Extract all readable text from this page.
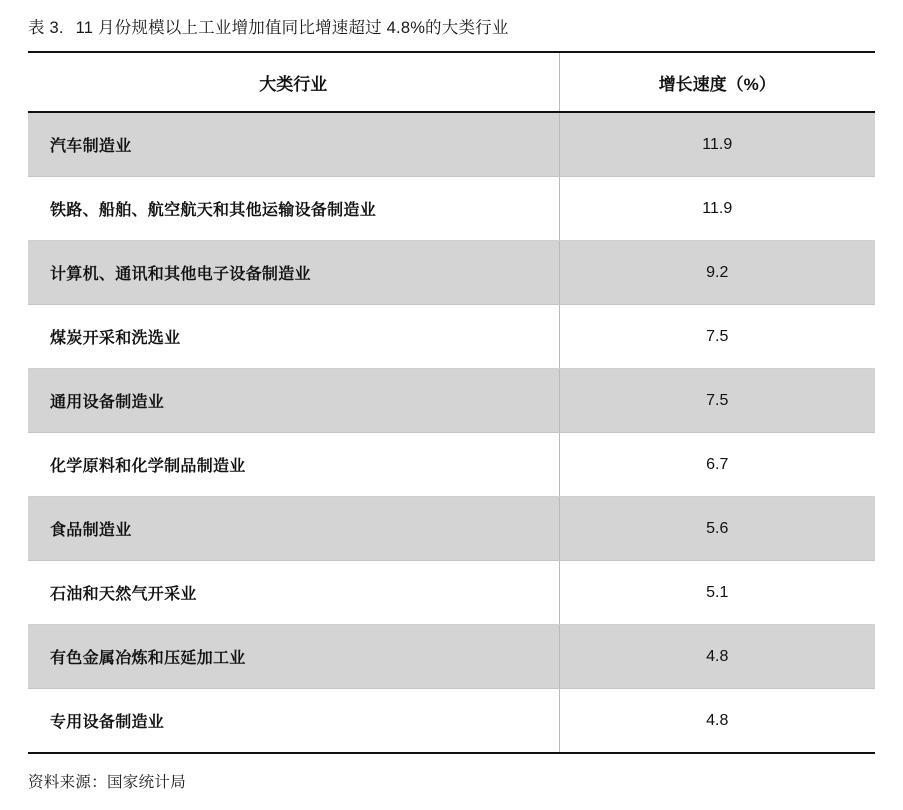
表 3. 11 月份规模以上工业增加值同比增速超过 4.8%的大类行业
大类行业	增长速度（%）
汽车制造业	11.9
铁路、船舶、航空航天和其他运输设备制造业	11.9
计算机、通讯和其他电子设备制造业	9.2
煤炭开采和洗选业	7.5
通用设备制造业	7.5
化学原料和化学制品制造业	6.7
食品制造业	5.6
石油和天然气开采业	5.1
有色金属冶炼和压延加工业	4.8
专用设备制造业	4.8
资料来源：国家统计局
